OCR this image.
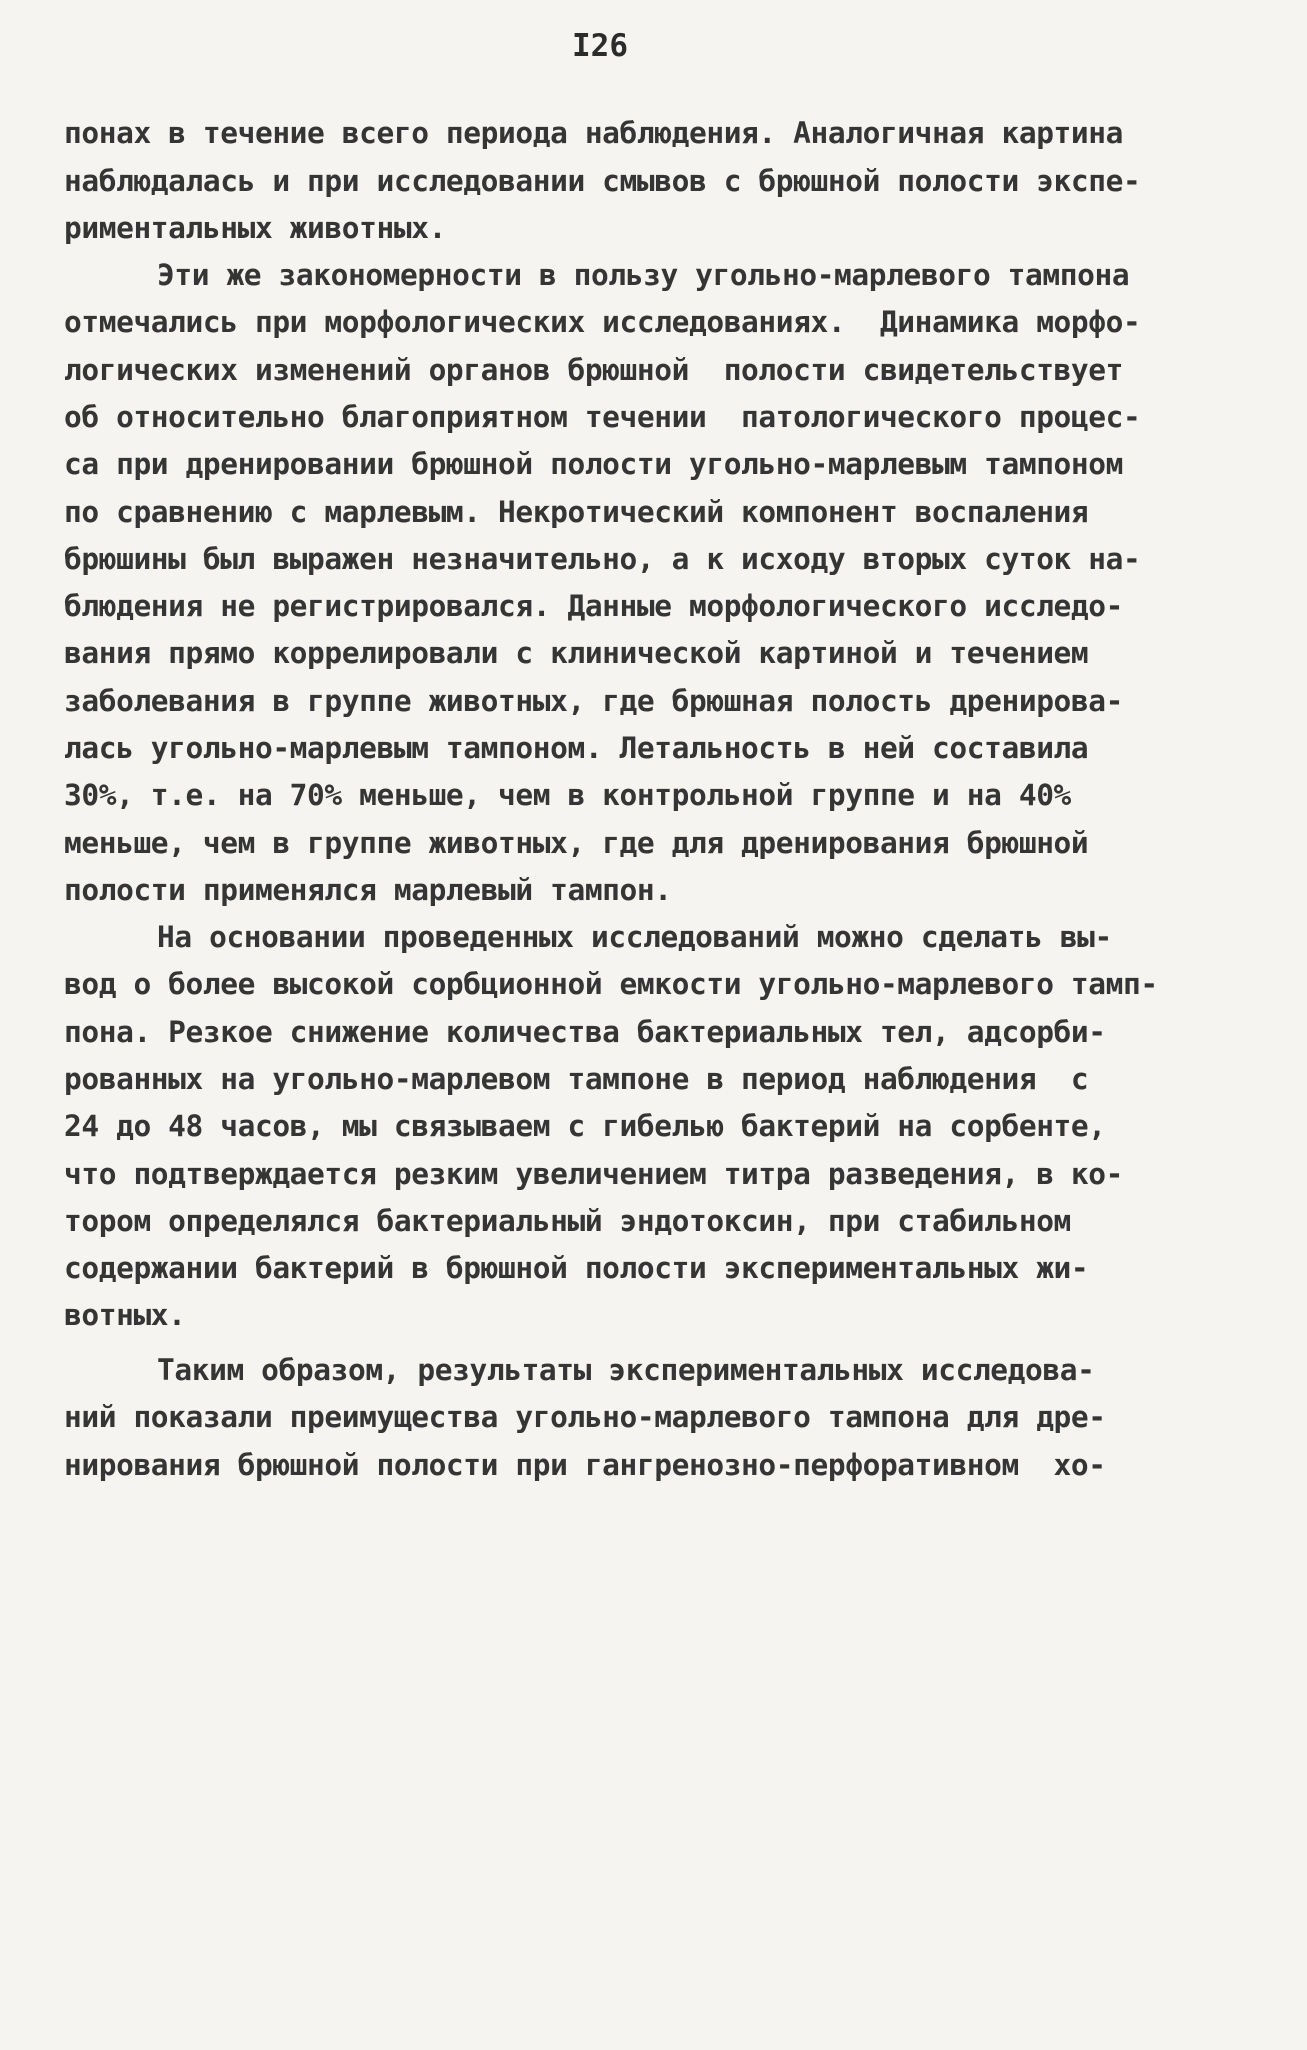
I26
понах в течение всего периода наблюдения. Аналогичная картина
наблюдалась и при исследовании смывов с брюшной полости экспе-
риментальных животных.
Эти же закономерности в пользу угольно-марлевого тампона
отмечались при морфологических исследованиях.  Динамика морфо-
логических изменений органов брюшной  полости свидетельствует
об относительно благоприятном течении  патологического процес-
са при дренировании брюшной полости угольно-марлевым тампоном
по сравнению с марлевым. Некротический компонент воспаления
брюшины был выражен незначительно, а к исходу вторых суток на-
блюдения не регистрировался. Данные морфологического исследо-
вания прямо коррелировали с клинической картиной и течением
заболевания в группе животных, где брюшная полость дренирова-
лась угольно-марлевым тампоном. Летальность в ней составила
30%, т.е. на 70% меньше, чем в контрольной группе и на 40%
меньше, чем в группе животных, где для дренирования брюшной
полости применялся марлевый тампон.
На основании проведенных исследований можно сделать вы-
вод о более высокой сорбционной емкости угольно-марлевого тамп-
пона. Резкое снижение количества бактериальных тел, адсорби-
рованных на угольно-марлевом тампоне в период наблюдения  с
24 до 48 часов, мы связываем с гибелью бактерий на сорбенте,
что подтверждается резким увеличением титра разведения, в ко-
тором определялся бактериальный эндотоксин, при стабильном
содержании бактерий в брюшной полости экспериментальных жи-
вотных.
Таким образом, результаты экспериментальных исследова-
ний показали преимущества угольно-марлевого тампона для дре-
нирования брюшной полости при гангренозно-перфоративном  хо-
